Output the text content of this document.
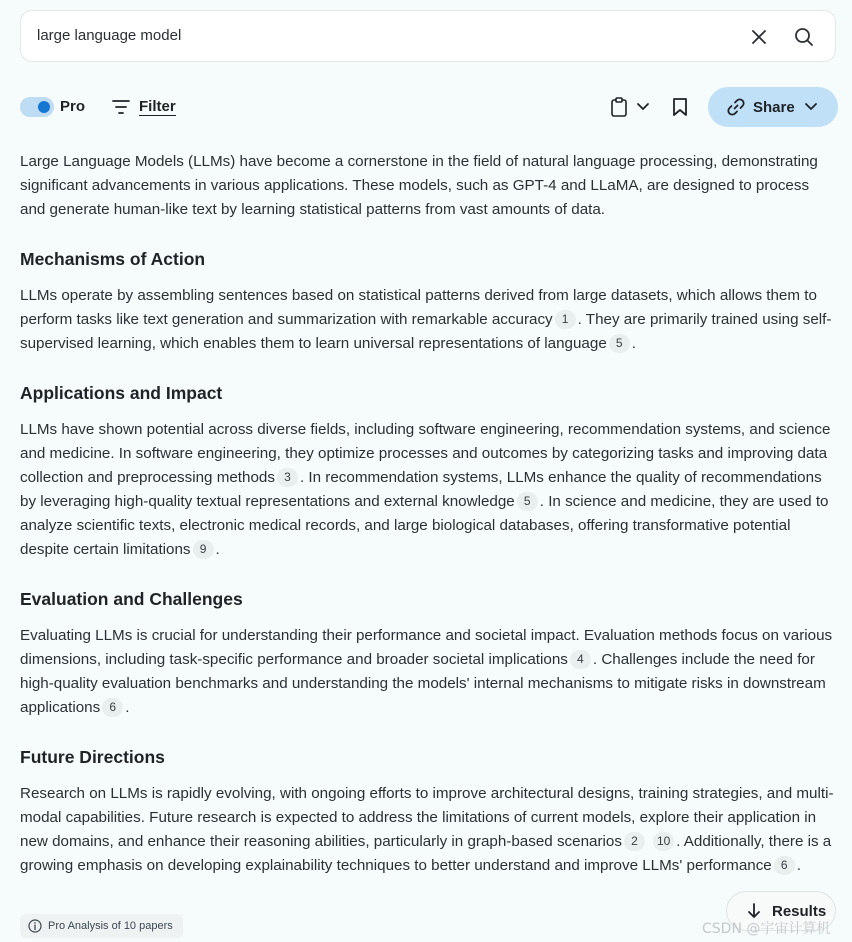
large language model
Pro	Filter	Share

Large Language Models (LLMs) have become a cornerstone in the field of natural language processing, demonstrating significant advancements in various applications. These models, such as GPT-4 and LLaMA, are designed to process and generate human-like text by learning statistical patterns from vast amounts of data.

Mechanisms of Action

LLMs operate by assembling sentences based on statistical patterns derived from large datasets, which allows them to perform tasks like text generation and summarization with remarkable accuracy 1 . They are primarily trained using self-supervised learning, which enables them to learn universal representations of language 5 .

Applications and Impact

LLMs have shown potential across diverse fields, including software engineering, recommendation systems, and science and medicine. In software engineering, they optimize processes and outcomes by categorizing tasks and improving data collection and preprocessing methods 3 . In recommendation systems, LLMs enhance the quality of recommendations by leveraging high-quality textual representations and external knowledge 5 . In science and medicine, they are used to analyze scientific texts, electronic medical records, and large biological databases, offering transformative potential despite certain limitations 9 .

Evaluation and Challenges

Evaluating LLMs is crucial for understanding their performance and societal impact. Evaluation methods focus on various dimensions, including task-specific performance and broader societal implications 4 . Challenges include the need for high-quality evaluation benchmarks and understanding the models' internal mechanisms to mitigate risks in downstream applications 6 .

Future Directions

Research on LLMs is rapidly evolving, with ongoing efforts to improve architectural designs, training strategies, and multi-modal capabilities. Future research is expected to address the limitations of current models, explore their application in new domains, and enhance their reasoning abilities, particularly in graph-based scenarios 2 10 . Additionally, there is a growing emphasis on developing explainability techniques to better understand and improve LLMs' performance 6 .

Pro Analysis of 10 papers
Results
CSDN @宇宙计算机
